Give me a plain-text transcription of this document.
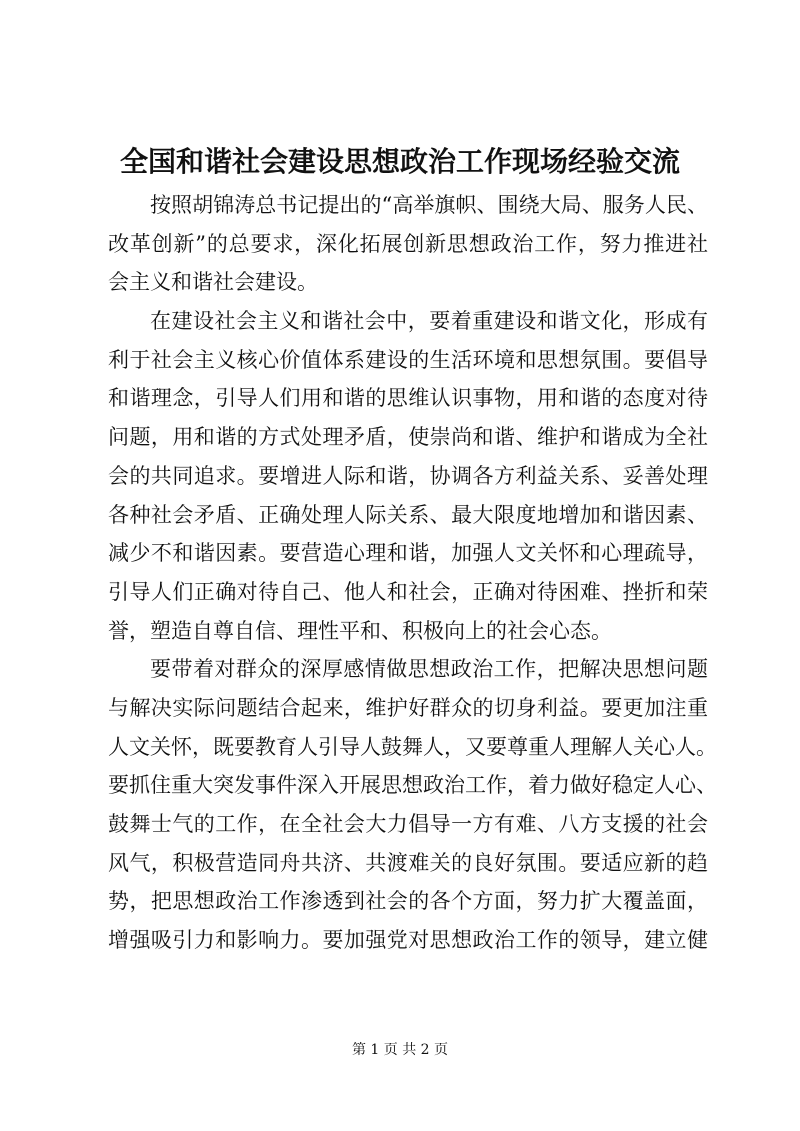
全国和谐社会建设思想政治工作现场经验交流
按照胡锦涛总书记提出的“高举旗帜、围绕大局、服务人民、
改革创新”的总要求，深化拓展创新思想政治工作，努力推进社
会主义和谐社会建设。
在建设社会主义和谐社会中，要着重建设和谐文化，形成有
利于社会主义核心价值体系建设的生活环境和思想氛围。要倡导
和谐理念，引导人们用和谐的思维认识事物，用和谐的态度对待
问题，用和谐的方式处理矛盾，使崇尚和谐、维护和谐成为全社
会的共同追求。要增进人际和谐，协调各方利益关系、妥善处理
各种社会矛盾、正确处理人际关系、最大限度地增加和谐因素、
减少不和谐因素。要营造心理和谐，加强人文关怀和心理疏导，
引导人们正确对待自己、他人和社会，正确对待困难、挫折和荣
誉，塑造自尊自信、理性平和、积极向上的社会心态。
要带着对群众的深厚感情做思想政治工作，把解决思想问题
与解决实际问题结合起来，维护好群众的切身利益。要更加注重
人文关怀，既要教育人引导人鼓舞人，又要尊重人理解人关心人。
要抓住重大突发事件深入开展思想政治工作，着力做好稳定人心、
鼓舞士气的工作，在全社会大力倡导一方有难、八方支援的社会
风气，积极营造同舟共济、共渡难关的良好氛围。要适应新的趋
势，把思想政治工作渗透到社会的各个方面，努力扩大覆盖面，
增强吸引力和影响力。要加强党对思想政治工作的领导，建立健
第 1 页 共 2 页
